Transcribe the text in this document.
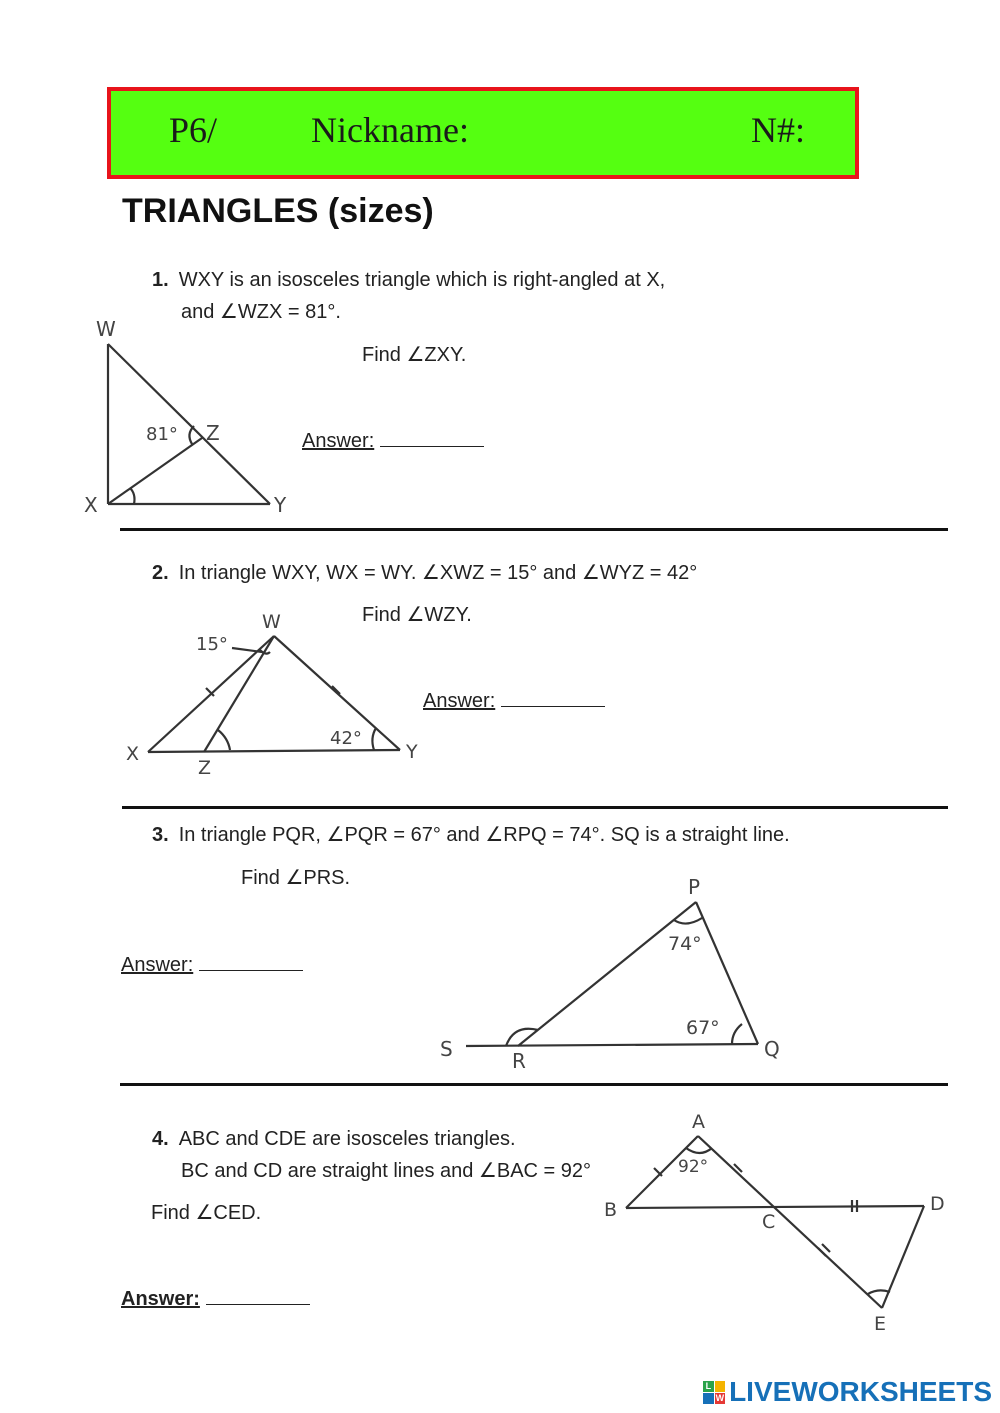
P6/	Nickname:	N#:
TRIANGLES (sizes)
1. WXY is an isosceles triangle which is right-angled at X,
and ∠WZX = 81°.
Find ∠ZXY.
Answer:
W
X	Y
Z
81°
2. In triangle WXY, WX = WY. ∠XWZ = 15° and ∠WYZ = 42°
Find ∠WZY.
Answer:
W
X	Y
Z
15°
42°
3. In triangle PQR, ∠PQR = 67° and ∠RPQ = 74°. SQ is a straight line.
Find ∠PRS.
Answer:
P
Q
R
S
74°
67°
4. ABC and CDE are isosceles triangles.
BC and CD are straight lines and ∠BAC = 92°
Find ∠CED.
Answer:
A
B
C
D
E
92°
L
W LIVEWORKSHEETS
